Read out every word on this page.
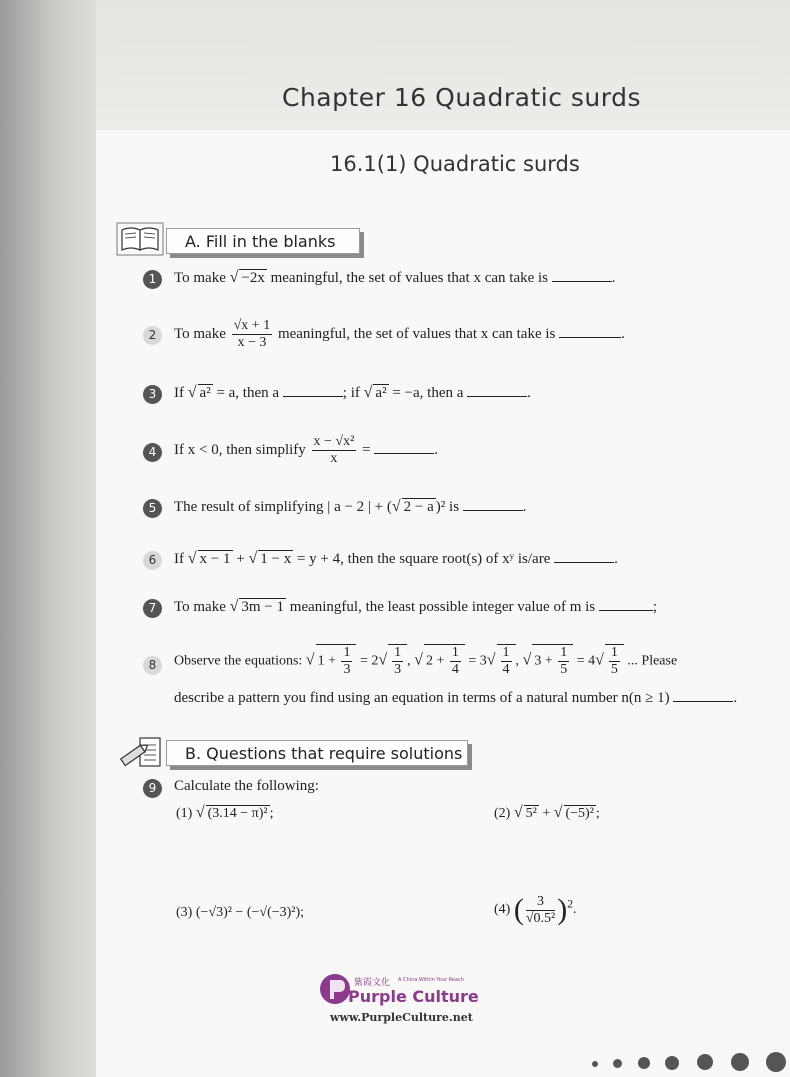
Chapter 16 Quadratic surds
16.1(1) Quadratic surds
A. Fill in the blanks
1	To make √ −2x meaningful, the set of values that x can take is	.
2	To make $\frac{√x + 1}{x - 3}$ meaningful, the set of values that x can take is	.
3	If √ a² = a, then a	; if √ a² = −a, then a	.
4	If x < 0, then simplify $\frac{\text{x − √x²}}{x}$ =	.
5	The result of simplifying | a − 2 | + (√ 2 − a )² is	.
6	If √ x − 1 + √ 1 − x = y + 4, then the square root(s) of xʸ is/are	.
7	To make √ 3m − 1 meaningful, the least possible integer value of m is	;
8	Observe the equations: √ $1 + \frac{1}{3} = 2√ \frac{1}{3}$ , √ $2 + \frac{1}{4} = 3√ \frac{1}{4}$ , √ $3 + \frac{1}{5} = 4√ \frac{1}{5}$ ... Please
describe a pattern you find using an equation in terms of a natural number n(n ≥ 1)	.
B. Questions that require solutions
9	Calculate the following:
(1) √ (3.14 − π)² ;	(2) √ 5² + √ (−5)² ;
(3) (−√3)² − (−√(−3)²);	(4) ( $\frac{3}{\text{√0.5²}} )^2$.
紫霞文化 A China Within Your Reach
Purple Culture
www.PurpleCulture.net
